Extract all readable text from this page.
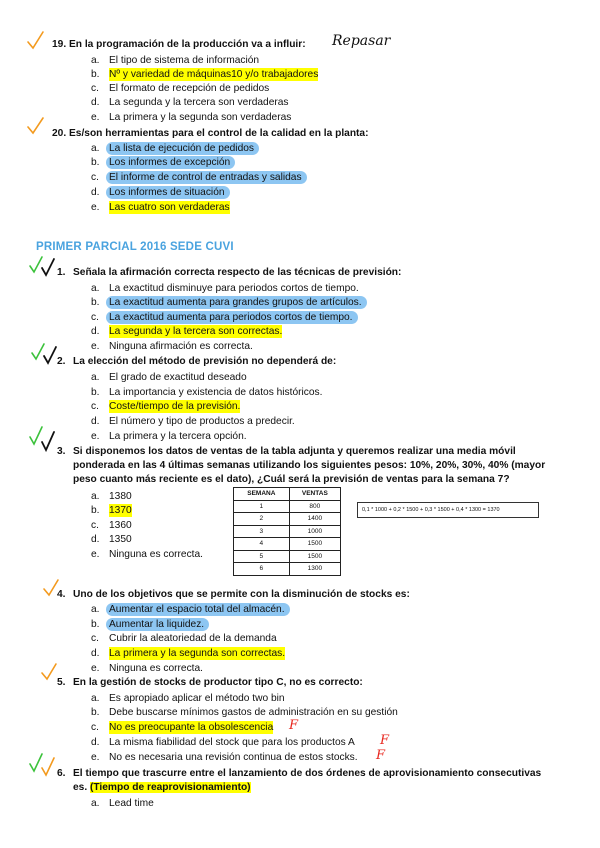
19. En la programación de la producción va a influir: Repasar
a. El tipo de sistema de información
b. Nº y variedad de máquinas10 y/o trabajadores
c. El formato de recepción de pedidos
d. La segunda y la tercera son verdaderas
e. La primera y la segunda son verdaderas
20. Es/son herramientas para el control de la calidad en la planta:
a. La lista de ejecución de pedidos
b. Los informes de excepción
c. El informe de control de entradas y salidas
d. Los informes de situación
e. Las cuatro son verdaderas
PRIMER PARCIAL 2016 SEDE CUVI
1. Señala la afirmación correcta respecto de las técnicas de previsión:
a. La exactitud disminuye para periodos cortos de tiempo.
b. La exactitud aumenta para grandes grupos de artículos.
c. La exactitud aumenta para periodos cortos de tiempo.
d. La segunda y la tercera son correctas.
e. Ninguna afirmación es correcta.
2. La elección del método de previsión no dependerá de:
a. El grado de exactitud deseado
b. La importancia y existencia de datos históricos.
c. Coste/tiempo de la previsión.
d. El número y tipo de productos a predecir.
e. La primera y la tercera opción.
3. Si disponemos los datos de ventas de la tabla adjunta y queremos realizar una media móvil
ponderada en las 4 últimas semanas utilizando los siguientes pesos: 10%, 20%, 30%, 40% (mayor
peso cuanto más reciente es el dato), ¿Cuál será la previsión de ventas para la semana 7?
a. 1380
b. 1370
c. 1360
d. 1350
e. Ninguna es correcta.
SEMANA	VENTAS
1	800
2	1400
3	1000
4	1500
5	1500
6	1300
0,1 * 1000 + 0,2 * 1500 + 0,3 * 1500 + 0,4 * 1300 = 1370
4. Uno de los objetivos que se permite con la disminución de stocks es:
a. Aumentar el espacio total del almacén.
b. Aumentar la liquidez.
c. Cubrir la aleatoriedad de la demanda
d. La primera y la segunda son correctas.
e. Ninguna es correcta.
5. En la gestión de stocks de productor tipo C, no es correcto:
a. Es apropiado aplicar el método two bin
b. Debe buscarse mínimos gastos de administración en su gestión
c. No es preocupante la obsolescencia F
d. La misma fiabilidad del stock que para los productos A F
e. No es necesaria una revisión continua de estos stocks. F
6. El tiempo que trascurre entre el lanzamiento de dos órdenes de aprovisionamiento consecutivas
es. (Tiempo de reaprovisionamiento)
a. Lead time
